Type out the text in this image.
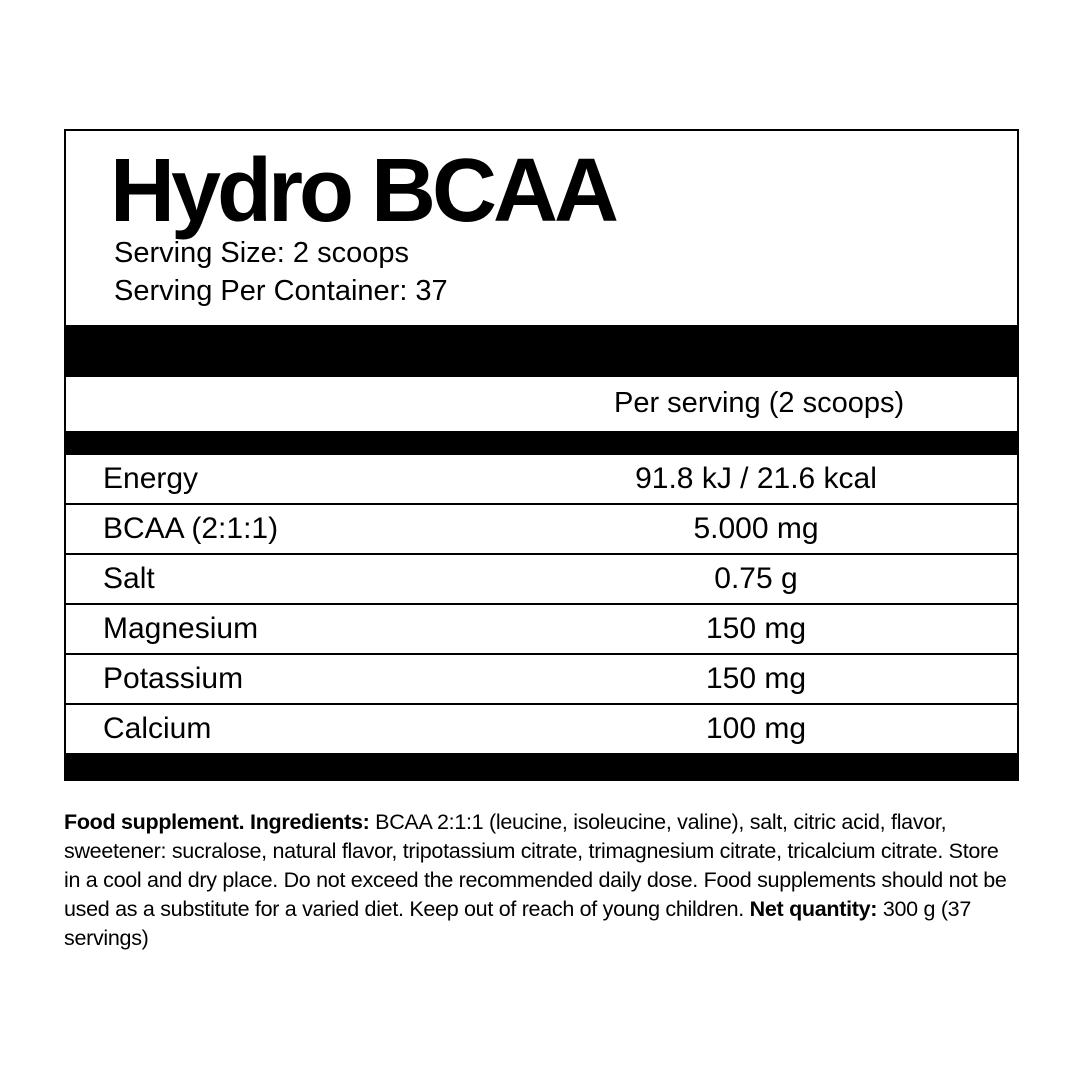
Hydro BCAA
Serving Size: 2 scoops
Serving Per Container: 37
Per serving (2 scoops)
Energy	91.8 kJ / 21.6 kcal
BCAA (2:1:1)	5.000 mg
Salt	0.75 g
Magnesium	150 mg
Potassium	150 mg
Calcium	100 mg
Food supplement. Ingredients: BCAA 2:1:1 (leucine, isoleucine, valine), salt, citric acid, flavor, sweetener: sucralose, natural flavor, tripotassium citrate, trimagnesium citrate, tricalcium citrate. Store in a cool and dry place. Do not exceed the recommended daily dose. Food supplements should not be used as a substitute for a varied diet. Keep out of reach of young children. Net quantity: 300 g (37 servings)
